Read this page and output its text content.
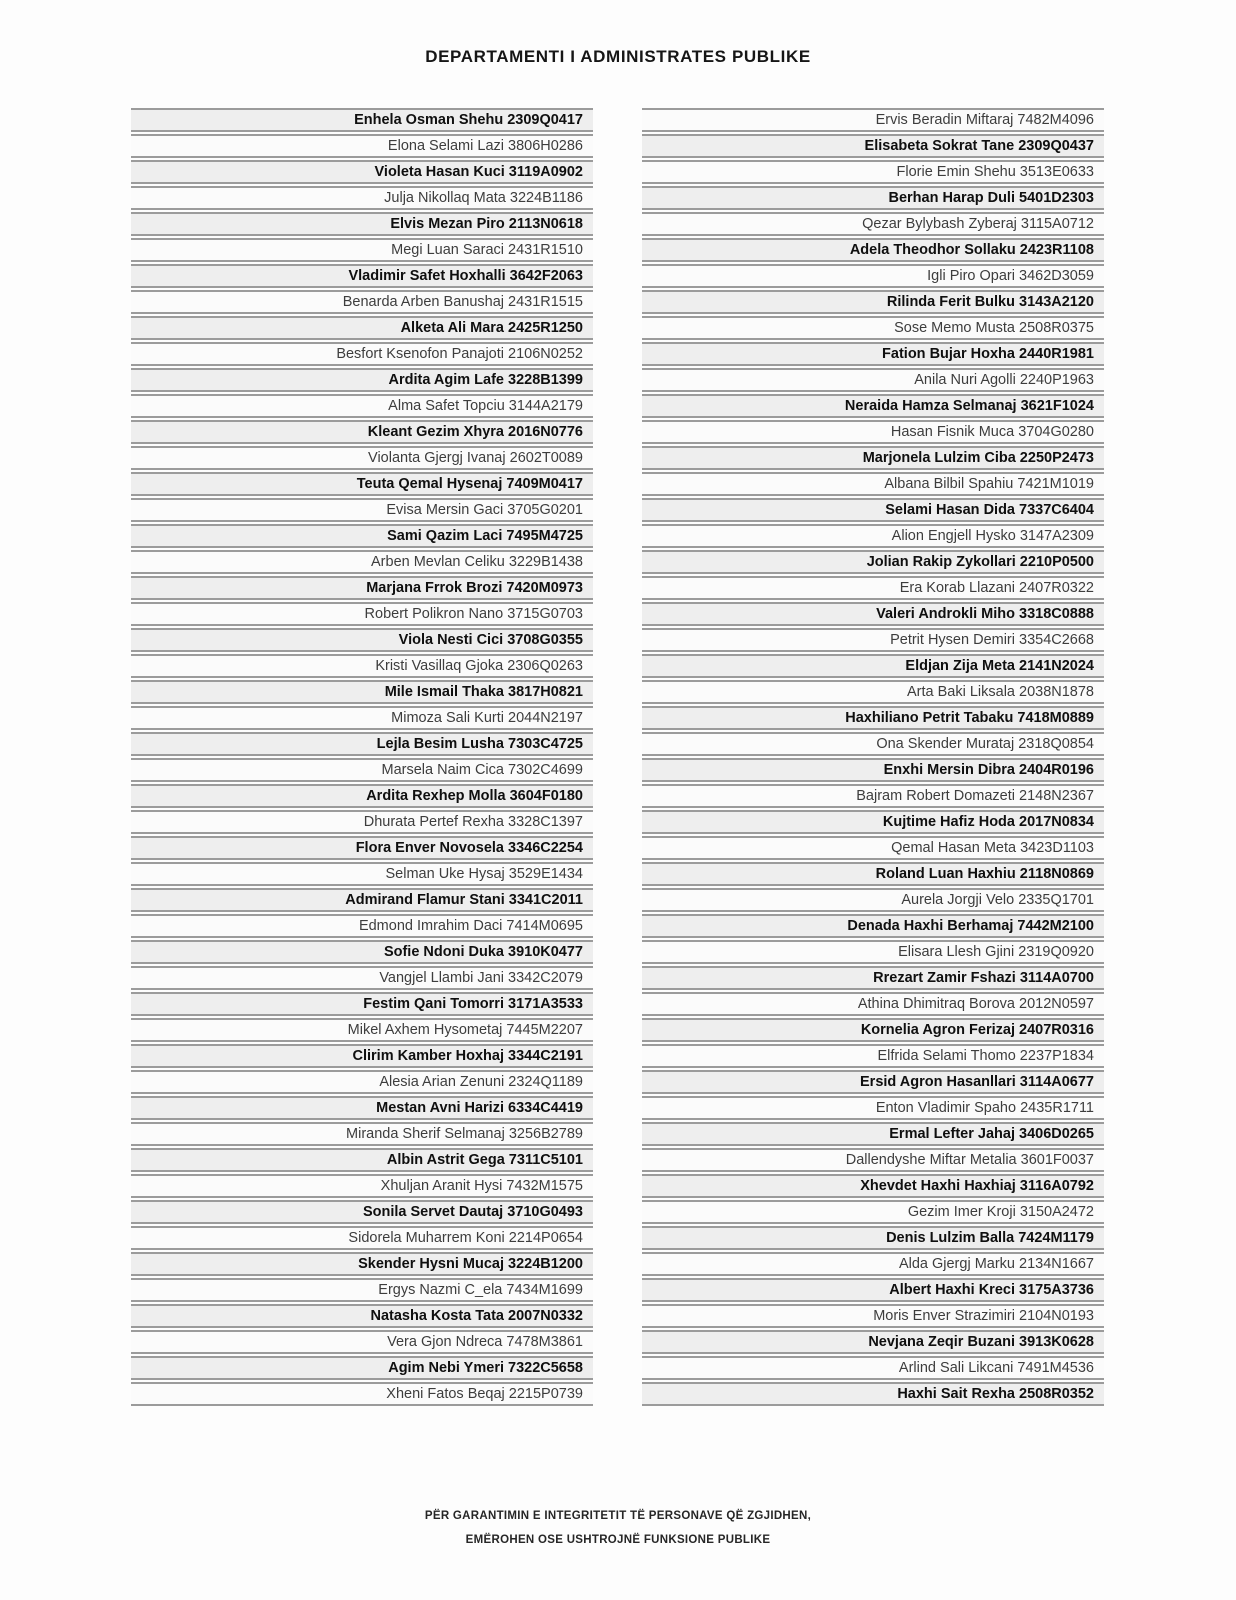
DEPARTAMENTI I ADMINISTRATES PUBLIKE
Enhela Osman Shehu 2309Q0417
Elona Selami Lazi 3806H0286
Violeta Hasan Kuci 3119A0902
Julja Nikollaq Mata 3224B1186
Elvis Mezan Piro 2113N0618
Megi Luan Saraci 2431R1510
Vladimir Safet Hoxhalli 3642F2063
Benarda Arben Banushaj 2431R1515
Alketa Ali Mara 2425R1250
Besfort Ksenofon Panajoti 2106N0252
Ardita Agim Lafe 3228B1399
Alma Safet Topciu 3144A2179
Kleant Gezim Xhyra 2016N0776
Violanta Gjergj Ivanaj 2602T0089
Teuta Qemal Hysenaj 7409M0417
Evisa Mersin Gaci 3705G0201
Sami Qazim Laci 7495M4725
Arben Mevlan Celiku 3229B1438
Marjana Frrok Brozi 7420M0973
Robert Polikron Nano 3715G0703
Viola Nesti Cici 3708G0355
Kristi Vasillaq Gjoka 2306Q0263
Mile Ismail Thaka 3817H0821
Mimoza Sali Kurti 2044N2197
Lejla Besim Lusha 7303C4725
Marsela Naim Cica 7302C4699
Ardita Rexhep Molla 3604F0180
Dhurata Pertef Rexha 3328C1397
Flora Enver Novosela 3346C2254
Selman Uke Hysaj 3529E1434
Admirand Flamur Stani 3341C2011
Edmond Imrahim Daci 7414M0695
Sofie Ndoni Duka 3910K0477
Vangjel Llambi Jani 3342C2079
Festim Qani Tomorri 3171A3533
Mikel Axhem Hysometaj 7445M2207
Clirim Kamber Hoxhaj 3344C2191
Alesia Arian Zenuni 2324Q1189
Mestan Avni Harizi 6334C4419
Miranda Sherif Selmanaj 3256B2789
Albin Astrit Gega 7311C5101
Xhuljan Aranit Hysi 7432M1575
Sonila Servet Dautaj 3710G0493
Sidorela Muharrem Koni 2214P0654
Skender Hysni Mucaj 3224B1200
Ergys Nazmi C_ela 7434M1699
Natasha Kosta Tata 2007N0332
Vera Gjon Ndreca 7478M3861
Agim Nebi Ymeri 7322C5658
Xheni Fatos Beqaj 2215P0739
Ervis Beradin Miftaraj 7482M4096
Elisabeta Sokrat Tane 2309Q0437
Florie Emin Shehu 3513E0633
Berhan Harap Duli 5401D2303
Qezar Bylybash Zyberaj 3115A0712
Adela Theodhor Sollaku 2423R1108
Igli Piro Opari 3462D3059
Rilinda Ferit Bulku 3143A2120
Sose Memo Musta 2508R0375
Fation Bujar Hoxha 2440R1981
Anila Nuri Agolli 2240P1963
Neraida Hamza Selmanaj 3621F1024
Hasan Fisnik Muca 3704G0280
Marjonela Lulzim Ciba 2250P2473
Albana Bilbil Spahiu 7421M1019
Selami Hasan Dida 7337C6404
Alion Engjell Hysko 3147A2309
Jolian Rakip Zykollari 2210P0500
Era Korab Llazani 2407R0322
Valeri Androkli Miho 3318C0888
Petrit Hysen Demiri 3354C2668
Eldjan Zija Meta 2141N2024
Arta Baki Liksala 2038N1878
Haxhiliano Petrit Tabaku 7418M0889
Ona Skender Murataj 2318Q0854
Enxhi Mersin Dibra 2404R0196
Bajram Robert Domazeti 2148N2367
Kujtime Hafiz Hoda 2017N0834
Qemal Hasan Meta 3423D1103
Roland Luan Haxhiu 2118N0869
Aurela Jorgji Velo 2335Q1701
Denada Haxhi Berhamaj 7442M2100
Elisara Llesh Gjini 2319Q0920
Rrezart Zamir Fshazi 3114A0700
Athina Dhimitraq Borova 2012N0597
Kornelia Agron Ferizaj 2407R0316
Elfrida Selami Thomo 2237P1834
Ersid Agron Hasanllari 3114A0677
Enton Vladimir Spaho 2435R1711
Ermal Lefter Jahaj 3406D0265
Dallendyshe Miftar Metalia 3601F0037
Xhevdet Haxhi Haxhiaj 3116A0792
Gezim Imer Kroji 3150A2472
Denis Lulzim Balla 7424M1179
Alda Gjergj Marku 2134N1667
Albert Haxhi Kreci 3175A3736
Moris Enver Strazimiri 2104N0193
Nevjana Zeqir Buzani 3913K0628
Arlind Sali Likcani 7491M4536
Haxhi Sait Rexha 2508R0352
PËR GARANTIMIN E INTEGRITETIT TË PERSONAVE QË ZGJIDHEN,
EMËROHEN OSE USHTROJNË FUNKSIONE PUBLIKE
